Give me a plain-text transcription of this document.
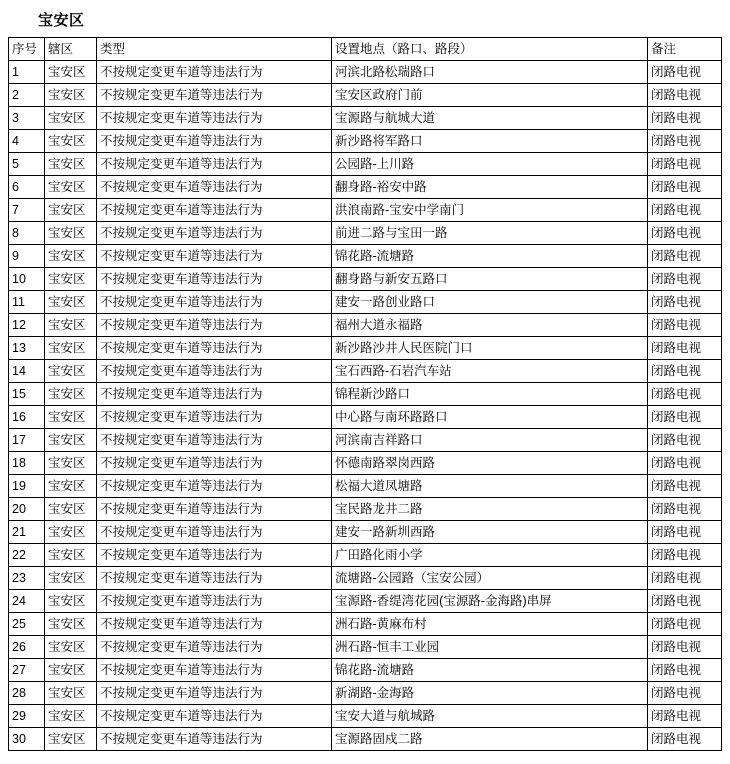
宝安区
序号	辖区	类型	设置地点（路口、路段）	备注
1	宝安区	不按规定变更车道等违法行为	河滨北路松瑞路口	闭路电视
2	宝安区	不按规定变更车道等违法行为	宝安区政府门前	闭路电视
3	宝安区	不按规定变更车道等违法行为	宝源路与航城大道	闭路电视
4	宝安区	不按规定变更车道等违法行为	新沙路将军路口	闭路电视
5	宝安区	不按规定变更车道等违法行为	公园路-上川路	闭路电视
6	宝安区	不按规定变更车道等违法行为	翻身路-裕安中路	闭路电视
7	宝安区	不按规定变更车道等违法行为	洪浪南路-宝安中学南门	闭路电视
8	宝安区	不按规定变更车道等违法行为	前进二路与宝田一路	闭路电视
9	宝安区	不按规定变更车道等违法行为	锦花路-流塘路	闭路电视
10	宝安区	不按规定变更车道等违法行为	翻身路与新安五路口	闭路电视
11	宝安区	不按规定变更车道等违法行为	建安一路创业路口	闭路电视
12	宝安区	不按规定变更车道等违法行为	福州大道永福路	闭路电视
13	宝安区	不按规定变更车道等违法行为	新沙路沙井人民医院门口	闭路电视
14	宝安区	不按规定变更车道等违法行为	宝石西路-石岩汽车站	闭路电视
15	宝安区	不按规定变更车道等违法行为	锦程新沙路口	闭路电视
16	宝安区	不按规定变更车道等违法行为	中心路与南环路路口	闭路电视
17	宝安区	不按规定变更车道等违法行为	河滨南吉祥路口	闭路电视
18	宝安区	不按规定变更车道等违法行为	怀德南路翠岗西路	闭路电视
19	宝安区	不按规定变更车道等违法行为	松福大道凤塘路	闭路电视
20	宝安区	不按规定变更车道等违法行为	宝民路龙井二路	闭路电视
21	宝安区	不按规定变更车道等违法行为	建安一路新圳西路	闭路电视
22	宝安区	不按规定变更车道等违法行为	广田路化雨小学	闭路电视
23	宝安区	不按规定变更车道等违法行为	流塘路-公园路（宝安公园）	闭路电视
24	宝安区	不按规定变更车道等违法行为	宝源路-香缇湾花园(宝源路-金海路)串屏	闭路电视
25	宝安区	不按规定变更车道等违法行为	洲石路-黄麻布村	闭路电视
26	宝安区	不按规定变更车道等违法行为	洲石路-恒丰工业园	闭路电视
27	宝安区	不按规定变更车道等违法行为	锦花路-流塘路	闭路电视
28	宝安区	不按规定变更车道等违法行为	新湖路-金海路	闭路电视
29	宝安区	不按规定变更车道等违法行为	宝安大道与航城路	闭路电视
30	宝安区	不按规定变更车道等违法行为	宝源路固戍二路	闭路电视
